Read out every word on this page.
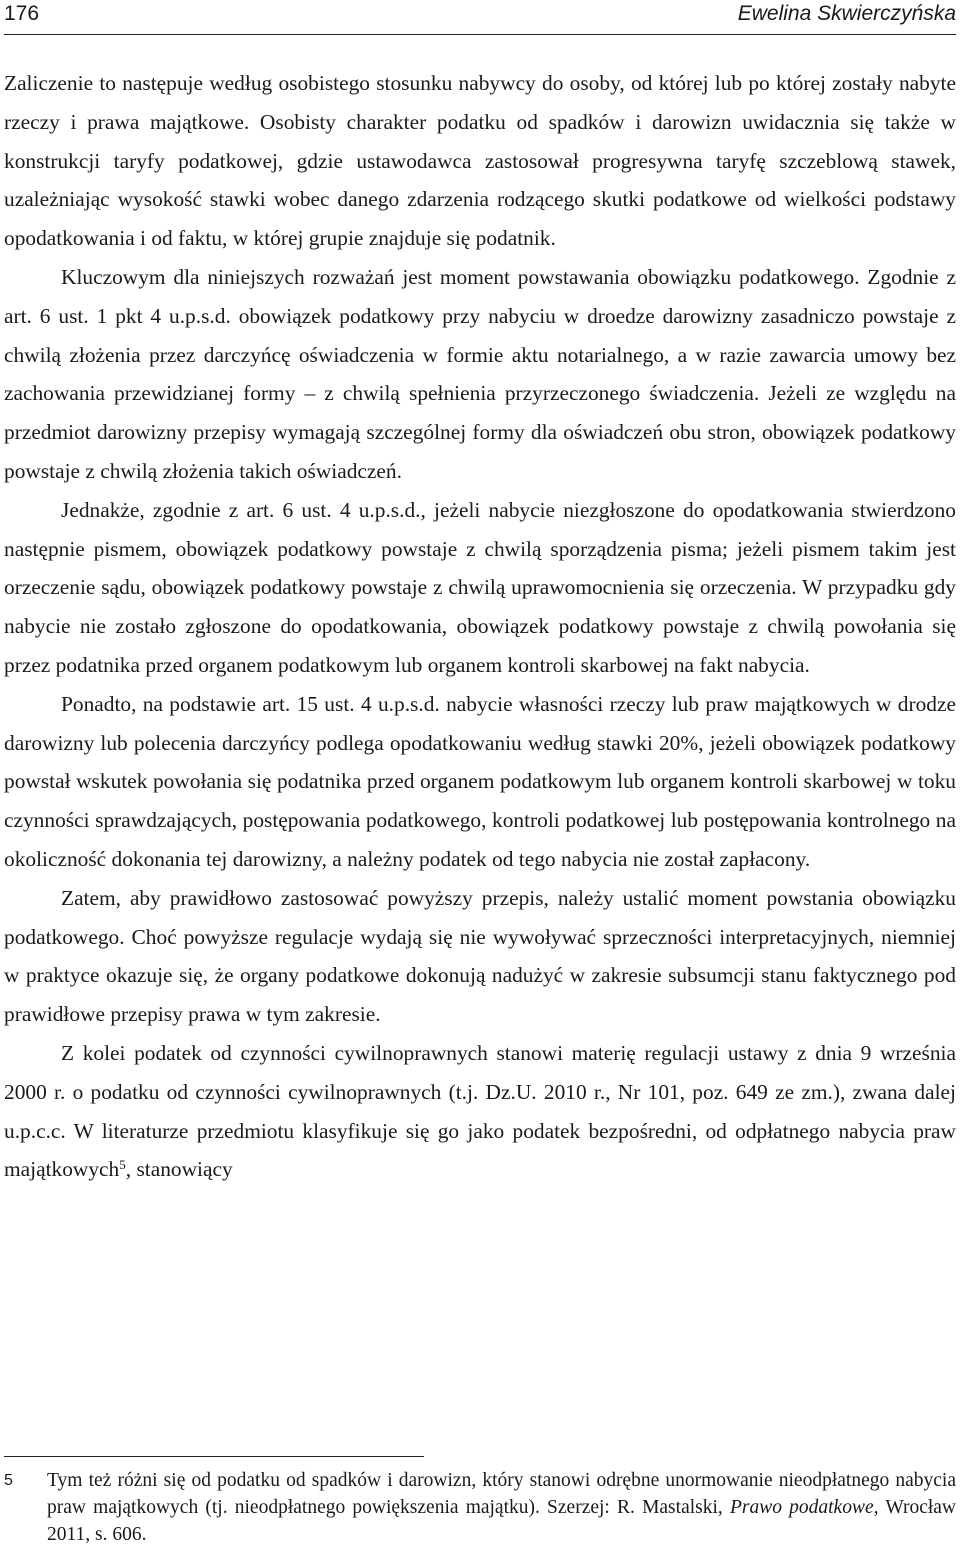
176	Ewelina Skwierczyńska

Zaliczenie to następuje według osobistego stosunku nabywcy do osoby, od której lub po której zostały nabyte rzeczy i prawa majątkowe. Osobisty charakter podatku od spadków i darowizn uwidacznia się także w konstrukcji taryfy podatkowej, gdzie ustawodawca zastosował progresywna taryfę szczeblową stawek, uzależniając wysokość stawki wobec danego zdarzenia rodzącego skutki podatkowe od wielkości podstawy opodatkowania i od faktu, w której grupie znajduje się podatnik.

Kluczowym dla niniejszych rozważań jest moment powstawania obowiązku podatkowego. Zgodnie z art. 6 ust. 1 pkt 4 u.p.s.d. obowiązek podatkowy przy nabyciu w droedze darowizny zasadniczo powstaje z chwilą złożenia przez darczyńcę oświadczenia w formie aktu notarialnego, a w razie zawarcia umowy bez zachowania przewidzianej formy – z chwilą spełnienia przyrzeczonego świadczenia. Jeżeli ze względu na przedmiot darowizny przepisy wymagają szczególnej formy dla oświadczeń obu stron, obowiązek podatkowy powstaje z chwilą złożenia takich oświadczeń.

Jednakże, zgodnie z art. 6 ust. 4 u.p.s.d., jeżeli nabycie niezgłoszone do opodatkowania stwierdzono następnie pismem, obowiązek podatkowy powstaje z chwilą sporządzenia pisma; jeżeli pismem takim jest orzeczenie sądu, obowiązek podatkowy powstaje z chwilą uprawomocnienia się orzeczenia. W przypadku gdy nabycie nie zostało zgłoszone do opodatkowania, obowiązek podatkowy powstaje z chwilą powołania się przez podatnika przed organem podatkowym lub organem kontroli skarbowej na fakt nabycia.

Ponadto, na podstawie art. 15 ust. 4 u.p.s.d. nabycie własności rzeczy lub praw majątkowych w drodze darowizny lub polecenia darczyńcy podlega opodatkowaniu według stawki 20%, jeżeli obowiązek podatkowy powstał wskutek powołania się podatnika przed organem podatkowym lub organem kontroli skarbowej w toku czynności sprawdzających, postępowania podatkowego, kontroli podatkowej lub postępowania kontrolnego na okoliczność dokonania tej darowizny, a należny podatek od tego nabycia nie został zapłacony.

Zatem, aby prawidłowo zastosować powyższy przepis, należy ustalić moment powstania obowiązku podatkowego. Choć powyższe regulacje wydają się nie wywoływać sprzeczności interpretacyjnych, niemniej w praktyce okazuje się, że organy podatkowe dokonują nadużyć w zakresie subsumcji stanu faktycznego pod prawidłowe przepisy prawa w tym zakresie.

Z kolei podatek od czynności cywilnoprawnych stanowi materię regulacji ustawy z dnia 9 września 2000 r. o podatku od czynności cywilnoprawnych (t.j. Dz.U. 2010 r., Nr 101, poz. 649 ze zm.), zwana dalej u.p.c.c. W literaturze przedmiotu klasyfikuje się go jako podatek bezpośredni, od odpłatnego nabycia praw majątkowych$^5$, stanowiący

5 Tym też różni się od podatku od spadków i darowizn, który stanowi odrębne unormowanie nieodpłatnego nabycia praw majątkowych (tj. nieodpłatnego powiększenia majątku). Szerzej: R. Mastalski, Prawo podatkowe, Wrocław 2011, s. 606.
